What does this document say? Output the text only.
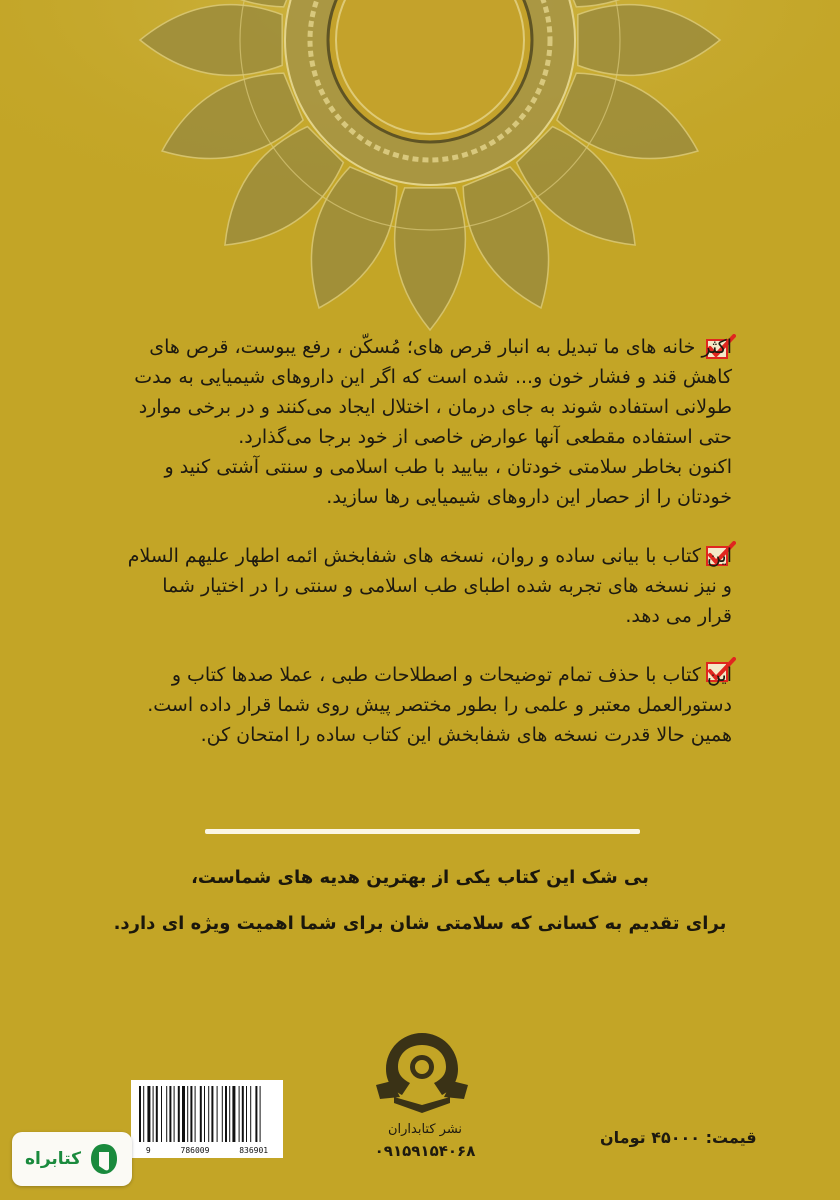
اکثر خانه های ما تبدیل به انبار قرص های؛ مُسکّن ، رفع یبوست، قرص های
کاهش قند و فشار خون و... شده است که اگر این داروهای شیمیایی به مدت
طولانی استفاده شوند به جای درمان ، اختلال ایجاد می‌کنند و در برخی موارد
حتی استفاده مقطعی آنها عوارض خاصی از خود برجا می‌گذارد.
اکنون بخاطر سلامتی خودتان ، بیایید با طب اسلامی و سنتی آشتی کنید و
خودتان را از حصار این داروهای شیمیایی رها سازید.
این کتاب با بیانی ساده و روان، نسخه های شفابخش ائمه اطهار علیهم السلام
و نیز نسخه های تجربه شده اطبای طب اسلامی و سنتی را در اختیار شما
قرار می دهد.
این کتاب با حذف تمام توضیحات و اصطلاحات طبی ، عملا صدها کتاب و
دستورالعمل معتبر و علمی را بطور مختصر پیش روی شما قرار داده است.
همین حالا قدرت نسخه های شفابخش این کتاب ساده را امتحان کن.
بی شک این کتاب یکی از بهترین هدیه های شماست،
برای تقدیم به کسانی که سلامتی شان برای شما اهمیت ویژه ای دارد.
نشر کتابداران
۰۹۱۵۹۱۵۴۰۶۸
9	786009	836901
قیمت: ۴۵۰۰۰ تومان
کتابراه
